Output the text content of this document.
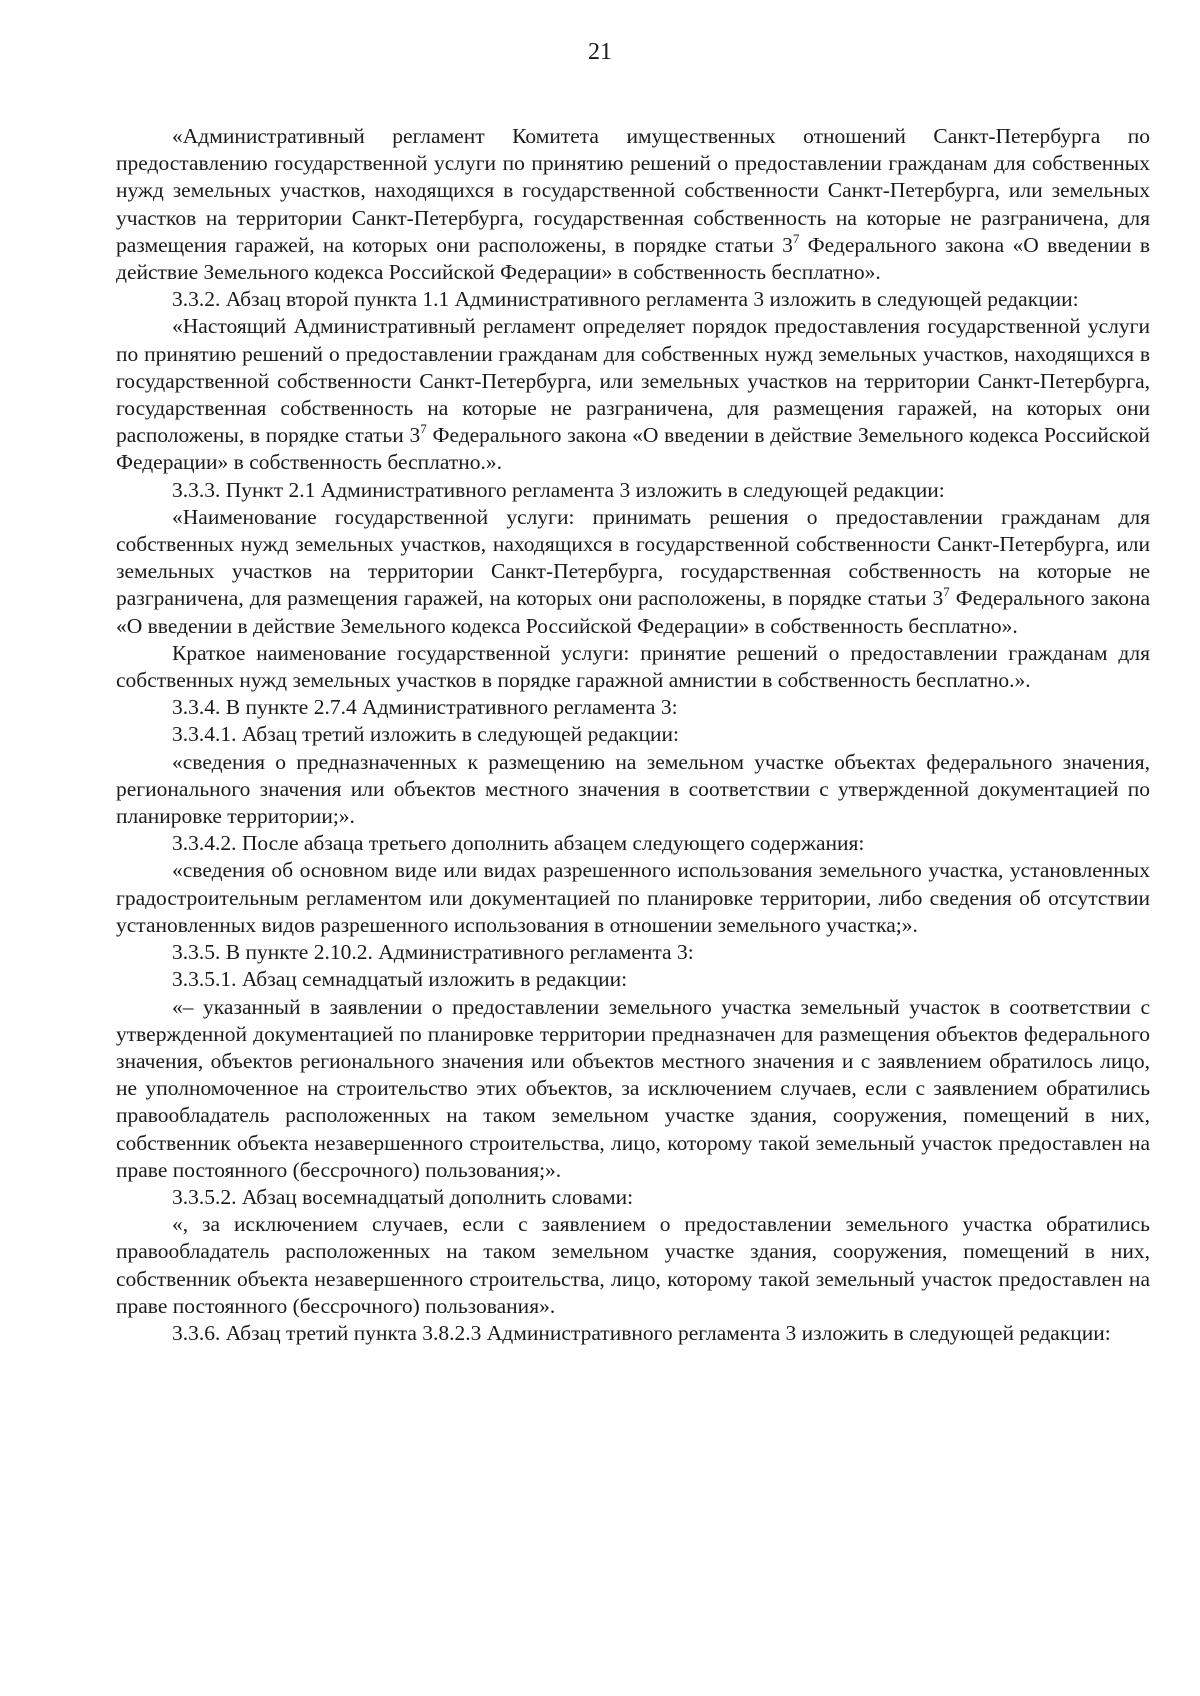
21

«Административный регламент Комитета имущественных отношений Санкт-Петербурга по предоставлению государственной услуги по принятию решений о предоставлении гражданам для собственных нужд земельных участков, находящихся в государственной собственности Санкт-Петербурга, или земельных участков на территории Санкт-Петербурга, государственная собственность на которые не разграничена, для размещения гаражей, на которых они расположены, в порядке статьи $3^7$ Федерального закона «О введении в действие Земельного кодекса Российской Федерации» в собственность бесплатно».

3.3.2. Абзац второй пункта 1.1 Административного регламента 3 изложить в следующей редакции:

«Настоящий Административный регламент определяет порядок предоставления государственной услуги по принятию решений о предоставлении гражданам для собственных нужд земельных участков, находящихся в государственной собственности Санкт-Петербурга, или земельных участков на территории Санкт-Петербурга, государственная собственность на которые не разграничена, для размещения гаражей, на которых они расположены, в порядке статьи $3^7$ Федерального закона «О введении в действие Земельного кодекса Российской Федерации» в собственность бесплатно.».

3.3.3. Пункт 2.1 Административного регламента 3 изложить в следующей редакции:

«Наименование государственной услуги: принимать решения о предоставлении гражданам для собственных нужд земельных участков, находящихся в государственной собственности Санкт-Петербурга, или земельных участков на территории Санкт-Петербурга, государственная собственность на которые не разграничена, для размещения гаражей, на которых они расположены, в порядке статьи $3^7$ Федерального закона «О введении в действие Земельного кодекса Российской Федерации» в собственность бесплатно».

Краткое наименование государственной услуги: принятие решений о предоставлении гражданам для собственных нужд земельных участков в порядке гаражной амнистии в собственность бесплатно.».

3.3.4. В пункте 2.7.4 Административного регламента 3:

3.3.4.1. Абзац третий изложить в следующей редакции:

«сведения о предназначенных к размещению на земельном участке объектах федерального значения, регионального значения или объектов местного значения в соответствии с утвержденной документацией по планировке территории;».

3.3.4.2. После абзаца третьего дополнить абзацем следующего содержания:

«сведения об основном виде или видах разрешенного использования земельного участка, установленных градостроительным регламентом или документацией по планировке территории, либо сведения об отсутствии установленных видов разрешенного использования в отношении земельного участка;».

3.3.5. В пункте 2.10.2. Административного регламента 3:

3.3.5.1. Абзац семнадцатый изложить в редакции:

«– указанный в заявлении о предоставлении земельного участка земельный участок в соответствии с утвержденной документацией по планировке территории предназначен для размещения объектов федерального значения, объектов регионального значения или объектов местного значения и с заявлением обратилось лицо, не уполномоченное на строительство этих объектов, за исключением случаев, если с заявлением обратились правообладатель расположенных на таком земельном участке здания, сооружения, помещений в них, собственник объекта незавершенного строительства, лицо, которому такой земельный участок предоставлен на праве постоянного (бессрочного) пользования;».

3.3.5.2. Абзац восемнадцатый дополнить словами:

«, за исключением случаев, если с заявлением о предоставлении земельного участка обратились правообладатель расположенных на таком земельном участке здания, сооружения, помещений в них, собственник объекта незавершенного строительства, лицо, которому такой земельный участок предоставлен на праве постоянного (бессрочного) пользования».

3.3.6. Абзац третий пункта 3.8.2.3 Административного регламента 3 изложить в следующей редакции:
